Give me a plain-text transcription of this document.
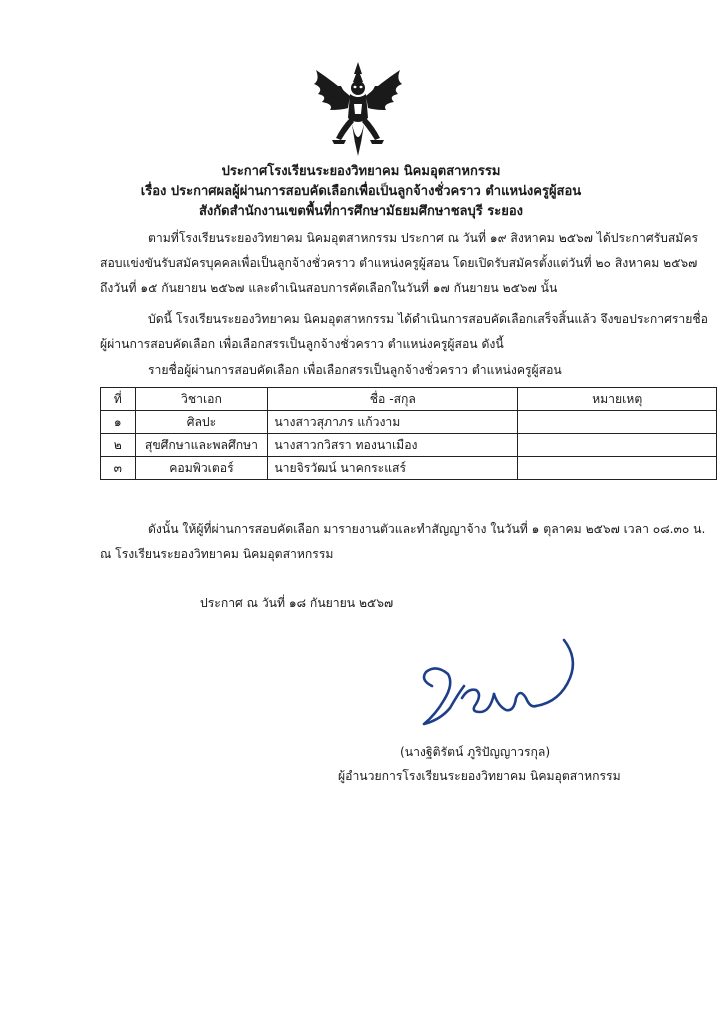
ประกาศโรงเรียนระยองวิทยาคม นิคมอุตสาหกรรม
เรื่อง ประกาศผลผู้ผ่านการสอบคัดเลือกเพื่อเป็นลูกจ้างชั่วคราว ตำแหน่งครูผู้สอน
สังกัดสำนักงานเขตพื้นที่การศึกษามัธยมศึกษาชลบุรี ระยอง
ตามที่โรงเรียนระยองวิทยาคม นิคมอุตสาหกรรม ประกาศ ณ วันที่ ๑๙ สิงหาคม ๒๕๖๗ ได้ประกาศรับสมัคร
สอบแข่งขันรับสมัครบุคคลเพื่อเป็นลูกจ้างชั่วคราว ตำแหน่งครูผู้สอน โดยเปิดรับสมัครตั้งแต่วันที่ ๒๐ สิงหาคม ๒๕๖๗
ถึงวันที่ ๑๕ กันยายน ๒๕๖๗ และดำเนินสอบการคัดเลือกในวันที่ ๑๗ กันยายน ๒๕๖๗ นั้น
บัดนี้ โรงเรียนระยองวิทยาคม นิคมอุตสาหกรรม ได้ดำเนินการสอบคัดเลือกเสร็จสิ้นแล้ว จึงขอประกาศรายชื่อ
ผู้ผ่านการสอบคัดเลือก เพื่อเลือกสรรเป็นลูกจ้างชั่วคราว ตำแหน่งครูผู้สอน ดังนี้
รายชื่อผู้ผ่านการสอบคัดเลือก เพื่อเลือกสรรเป็นลูกจ้างชั่วคราว ตำแหน่งครูผู้สอน
ที่	วิชาเอก	ชื่อ -สกุล	หมายเหตุ
๑	ศิลปะ	นางสาวสุภาภร แก้วงาม	
๒	สุขศึกษาและพลศึกษา	นางสาวกวิสรา ทองนาเมือง	
๓	คอมพิวเตอร์	นายจิรวัฒน์ นาคกระแสร์	
ดังนั้น ให้ผู้ที่ผ่านการสอบคัดเลือก มารายงานตัวและทำสัญญาจ้าง ในวันที่ ๑ ตุลาคม ๒๕๖๗ เวลา ๐๘.๓๐ น.
ณ โรงเรียนระยองวิทยาคม นิคมอุตสาหกรรม
ประกาศ ณ วันที่ ๑๘ กันยายน ๒๕๖๗
(นางฐิติรัตน์ ภูริปัญญาวรกุล)
ผู้อำนวยการโรงเรียนระยองวิทยาคม นิคมอุตสาหกรรม
